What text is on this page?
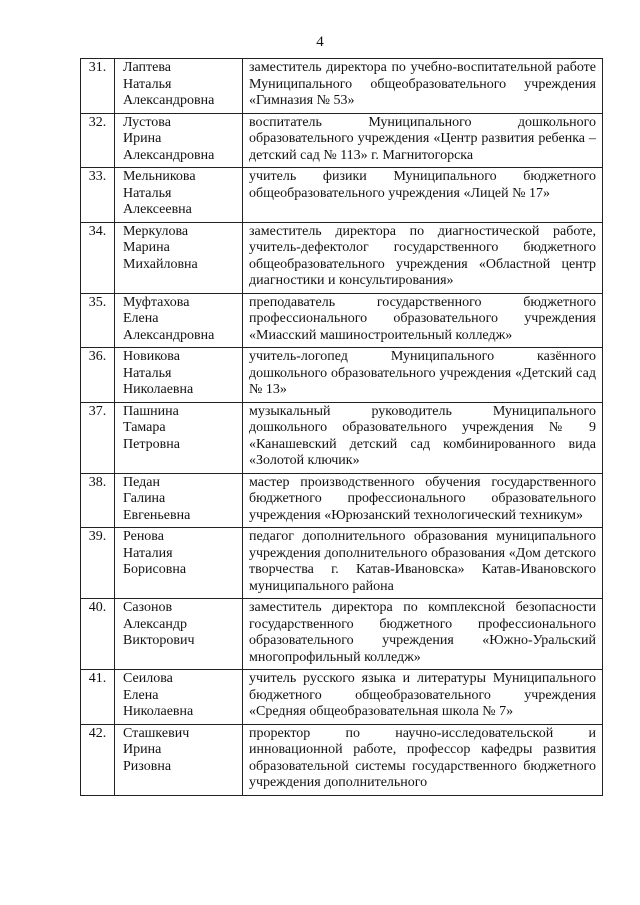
4
31.	Лаптева
Наталья
Александровна	заместитель директора по учебно-воспитательной работе Муниципального общеобразовательного учреждения «Гимназия № 53»
32.	Лустова
Ирина
Александровна	воспитатель Муниципального дошкольного образовательного учреждения «Центр развития ребенка – детский сад № 113» г. Магнитогорска
33.	Мельникова
Наталья
Алексеевна	учитель физики Муниципального бюджетного общеобразовательного учреждения «Лицей № 17»
34.	Меркулова
Марина
Михайловна	заместитель директора по диагностической работе, учитель-дефектолог государственного бюджетного общеобразовательного учреждения «Областной центр диагностики и консультирования»
35.	Муфтахова
Елена
Александровна	преподаватель государственного бюджетного профессионального образовательного учреждения «Миасский машиностроительный колледж»
36.	Новикова
Наталья
Николаевна	учитель-логопед Муниципального казённого дошкольного образовательного учреждения «Детский сад № 13»
37.	Пашнина
Тамара
Петровна	музыкальный руководитель Муниципального дошкольного образовательного учреждения № 9 «Канашевский детский сад комбинированного вида «Золотой ключик»
38.	Педан
Галина
Евгеньевна	мастер производственного обучения государственного бюджетного профессионального образовательного учреждения «Юрюзанский технологический техникум»
39.	Ренова
Наталия
Борисовна	педагог дополнительного образования муниципального учреждения дополнительного образования «Дом детского творчества г. Катав-Ивановска» Катав-Ивановского муниципального района
40.	Сазонов
Александр
Викторович	заместитель директора по комплексной безопасности государственного бюджетного профессионального образовательного учреждения «Южно-Уральский многопрофильный колледж»
41.	Сеилова
Елена
Николаевна	учитель русского языка и литературы Муниципального бюджетного общеобразовательного учреждения «Средняя общеобразовательная школа № 7»
42.	Сташкевич
Ирина
Ризовна	проректор по научно-исследовательской и инновационной работе, профессор кафедры развития образовательной системы государственного бюджетного учреждения дополнительного
